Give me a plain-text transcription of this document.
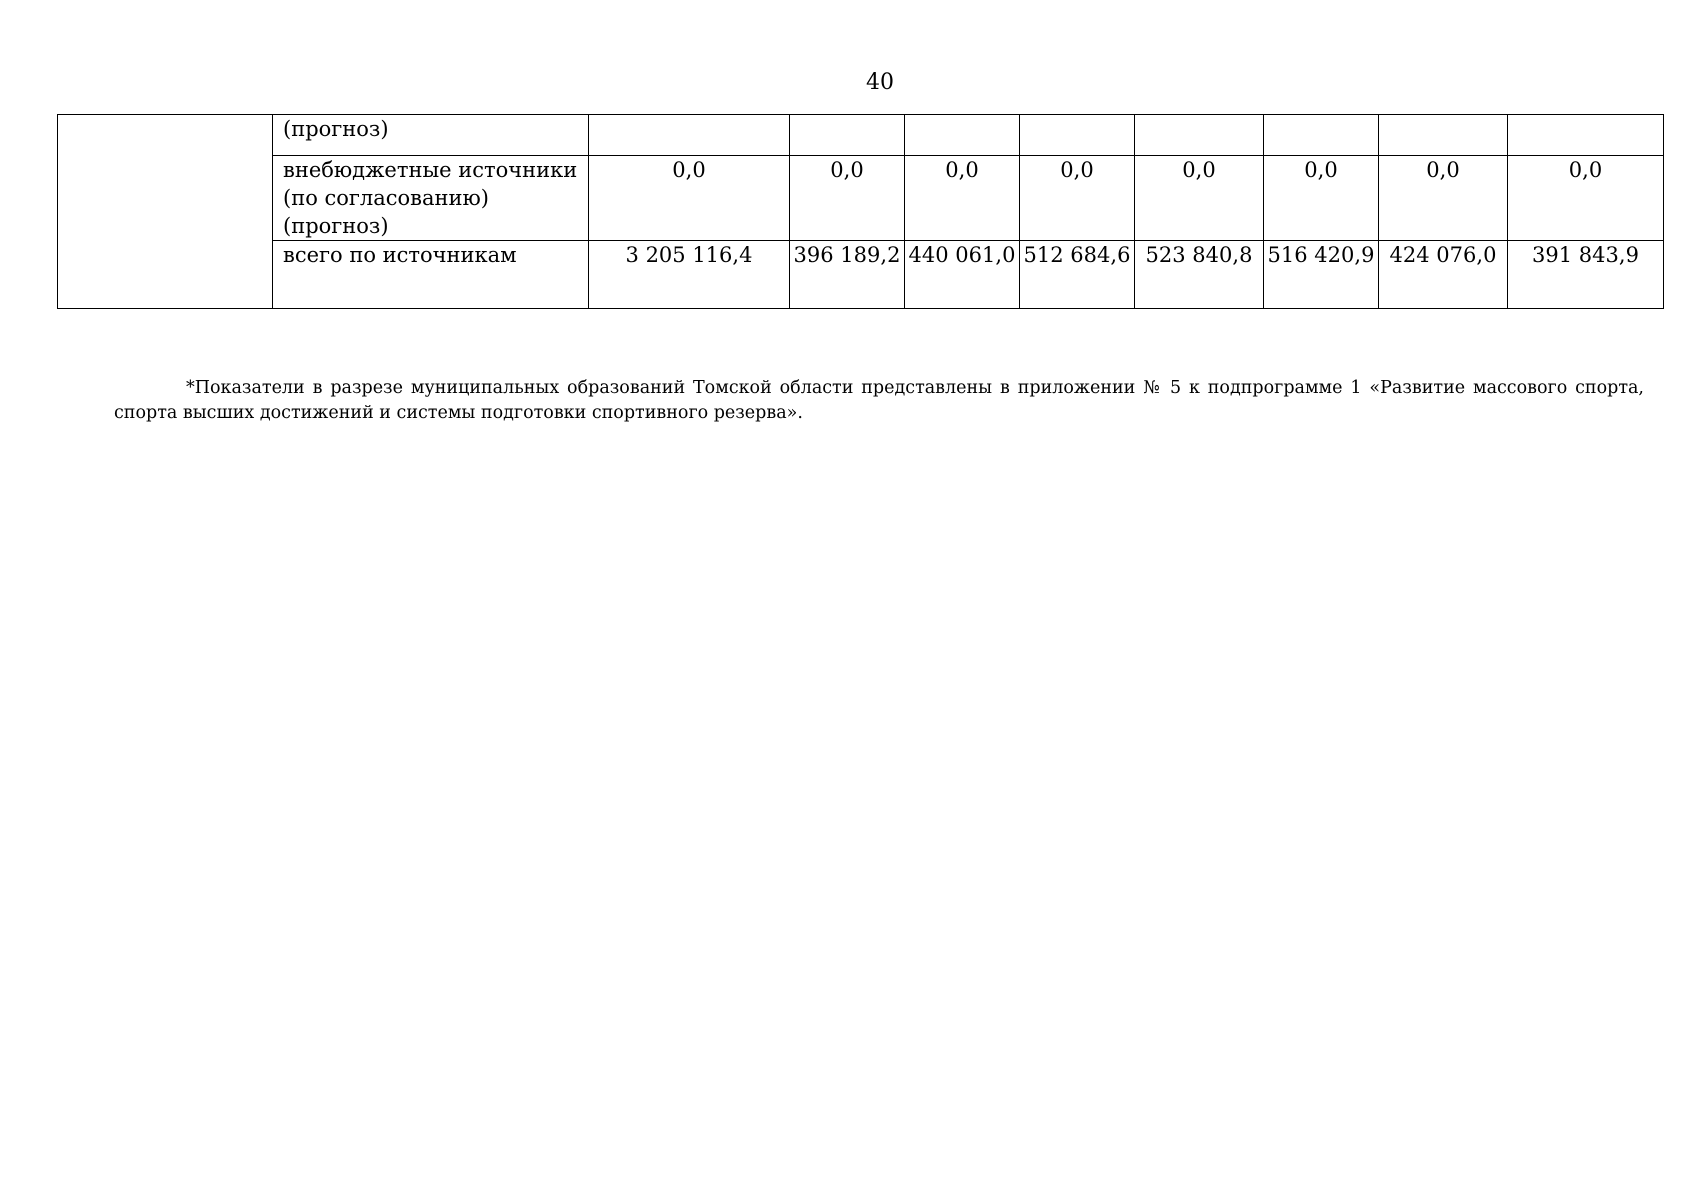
40

	(прогноз)								

	внебюджетные источники
(по согласованию)
(прогноз)	0,0	0,0	0,0	0,0	0,0	0,0	0,0	0,0

	всего по источникам	3 205 116,4	396 189,2	440 061,0	512 684,6	523 840,8	516 420,9	424 076,0	391 843,9

*Показатели в разрезе муниципальных образований Томской области представлены в приложении № 5 к подпрограмме 1 «Развитие массового спорта, спорта высших достижений и системы подготовки спортивного резерва».
